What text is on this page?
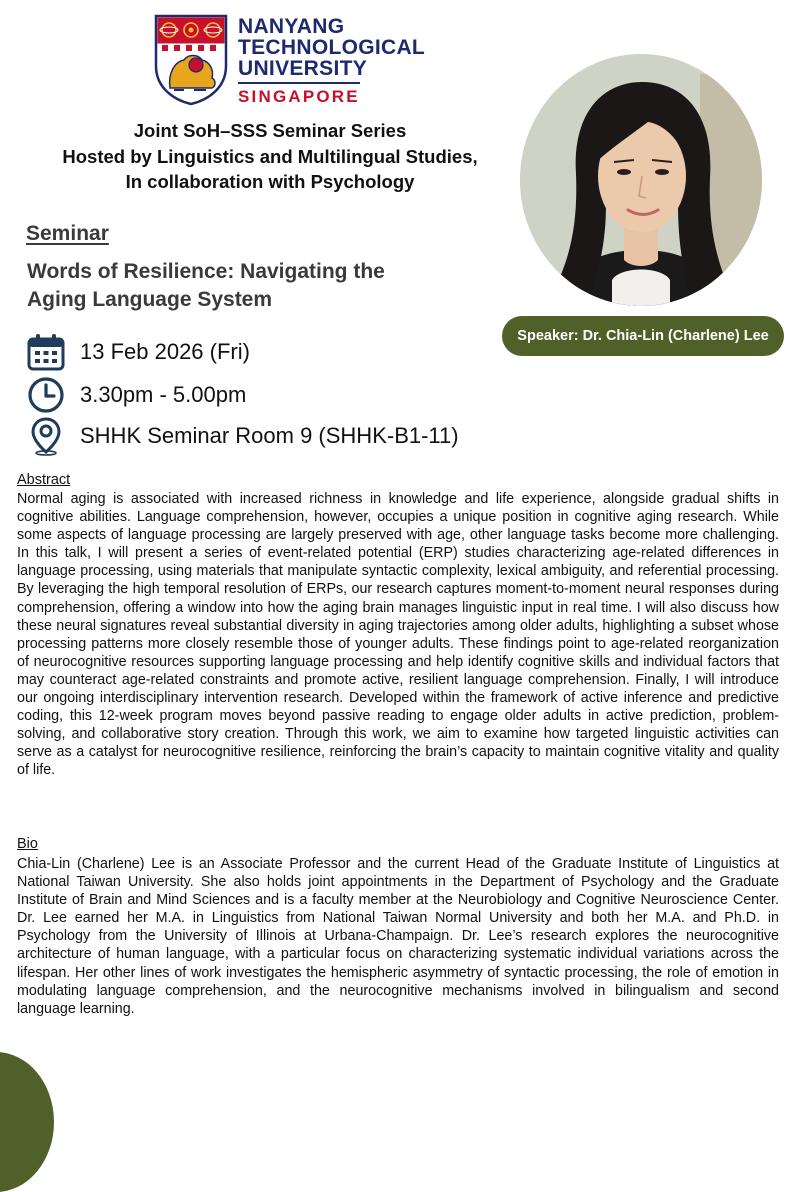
NANYANG
TECHNOLOGICAL
UNIVERSITY
SINGAPORE
Joint SoH–SSS Seminar Series
Hosted by Linguistics and Multilingual Studies,
In collaboration with Psychology
Speaker: Dr. Chia-Lin (Charlene) Lee
Seminar
Words of Resilience: Navigating the
Aging Language System
13 Feb 2026 (Fri)
3.30pm - 5.00pm
SHHK Seminar Room 9 (SHHK-B1-11)
Abstract

Normal aging is associated with increased richness in knowledge and life experience, alongside gradual shifts in cognitive abilities. Language comprehension, however, occupies a unique position in cognitive aging research. While some aspects of language processing are largely preserved with age, other language tasks become more challenging. In this talk, I will present a series of event-related potential (ERP) studies characterizing age-related differences in language processing, using materials that manipulate syntactic complexity, lexical ambiguity, and referential processing. By leveraging the high temporal resolution of ERPs, our research captures moment-to-moment neural responses during comprehension, offering a window into how the aging brain manages linguistic input in real time. I will also discuss how these neural signatures reveal substantial diversity in aging trajectories among older adults, highlighting a subset whose processing patterns more closely resemble those of younger adults. These findings point to age-related reorganization of neurocognitive resources supporting language processing and help identify cognitive skills and individual factors that may counteract age-related constraints and promote active, resilient language comprehension. Finally, I will introduce our ongoing interdisciplinary intervention research. Developed within the framework of active inference and predictive coding, this 12-week program moves beyond passive reading to engage older adults in active prediction, problem-solving, and collaborative story creation. Through this work, we aim to examine how targeted linguistic activities can serve as a catalyst for neurocognitive resilience, reinforcing the brain’s capacity to maintain cognitive vitality and quality of life.

Bio

Chia-Lin (Charlene) Lee is an Associate Professor and the current Head of the Graduate Institute of Linguistics at National Taiwan University. She also holds joint appointments in the Department of Psychology and the Graduate Institute of Brain and Mind Sciences and is a faculty member at the Neurobiology and Cognitive Neuroscience Center. Dr. Lee earned her M.A. in Linguistics from National Taiwan Normal University and both her M.A. and Ph.D. in Psychology from the University of Illinois at Urbana-Champaign. Dr. Lee’s research explores the neurocognitive architecture of human language, with a particular focus on characterizing systematic individual variations across the lifespan. Her other lines of work investigates the hemispheric asymmetry of syntactic processing, the role of emotion in modulating language comprehension, and the neurocognitive mechanisms involved in bilingualism and second language learning.
